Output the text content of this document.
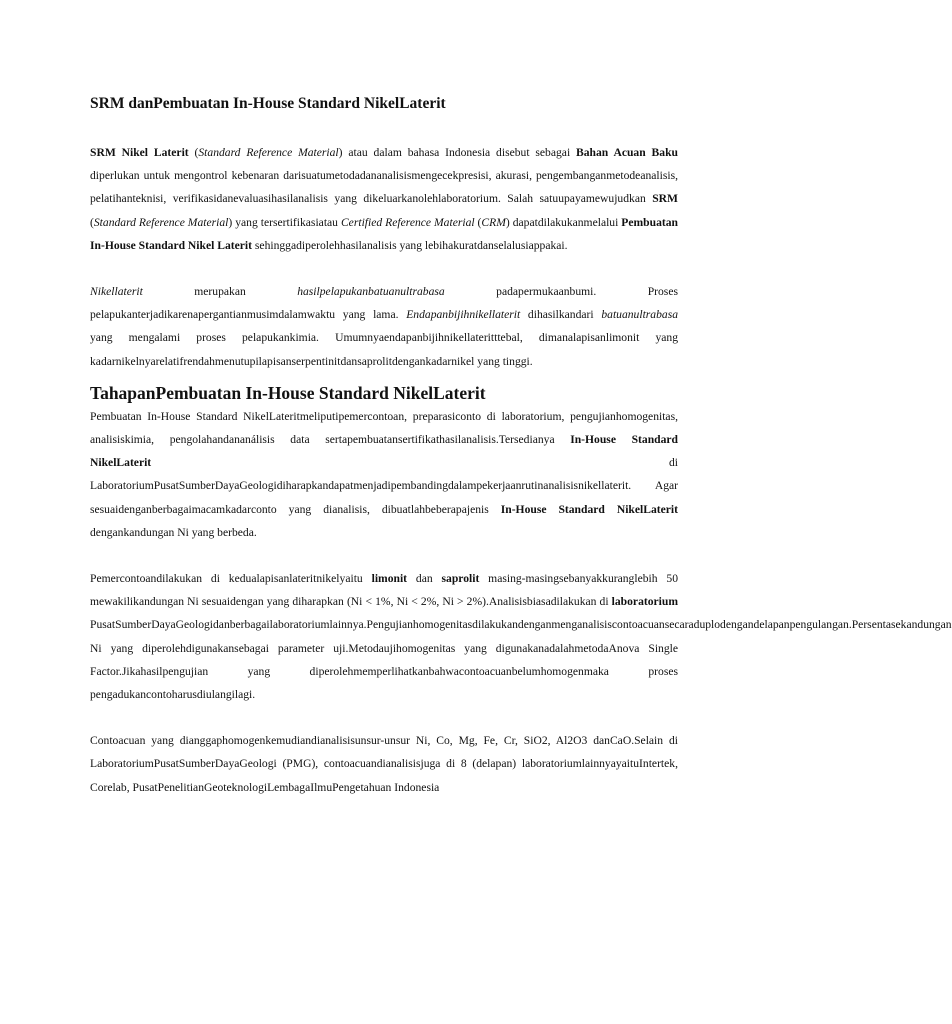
SRM danPembuatan In-House Standard NikelLaterit

SRM Nikel Laterit (Standard Reference Material) atau dalam bahasa Indonesia disebut sebagai Bahan Acuan Baku diperlukan untuk mengontrol kebenaran darisuatumetodadananalisismengecekpresisi, akurasi, pengembanganmetodeanalisis, pelatihanteknisi, verifikasidanevaluasihasilanalisis yang dikeluarkanolehlaboratorium. Salah satuupayamewujudkan SRM (Standard Reference Material) yang tersertifikasiatau Certified Reference Material (CRM) dapatdilakukanmelalui Pembuatan In-House Standard Nikel Laterit sehinggadiperolehhasilanalisis yang lebihakuratdanselalusiappakai.

Nikellaterit merupakan hasilpelapukanbatuanultrabasa padapermukaanbumi. Proses pelapukanterjadikarenapergantianmusimdalamwaktu yang lama. Endapanbijihnikellaterit dihasilkandari batuanultrabasa yang mengalami proses pelapukankimia. Umumnyaendapanbijihnikellateritttebal, dimanalapisanlimonit yang kadarnikelnyarelatifrendahmenutupilapisanserpentinitdansaprolitdengankadarnikel yang tinggi.

TahapanPembuatan In-House Standard NikelLaterit

Pembuatan In-House Standard NikelLateritmeliputipemercontoan, preparasiconto di laboratorium, pengujianhomogenitas, analisiskimia, pengolahandananálisis data sertapembuatansertifikathasilanalisis.Tersedianya In-House Standard NikelLaterit di LaboratoriumPusatSumberDayaGeologidiharapkandapatmenjadipembandingdalampekerjaanrutinanalisisnikellaterit. Agar sesuaidenganberbagaimacamkadarconto yang dianalisis, dibuatlahbeberapajenis In-House Standard NikelLaterit dengankandungan Ni yang berbeda.

Pemercontoandilakukan di kedualapisanlateritnikelyaitu limonit dan saprolit masing-masingsebanyakkuranglebih 50 mewakilikandungan Ni sesuaidengan yang diharapkan (Ni < 1%, Ni < 2%, Ni > 2%).Analisisbiasadilakukan di laboratorium PusatSumberDayaGeologidanberbagailaboratoriumlainnya.Pengujianhomogenitasdilakukandenganmenganalisiscontoacuansecaraduplodengandelapanpengulangan.Persentasekandungan Ni yang diperolehdigunakansebagai parameter uji.Metodaujihomogenitas yang digunakanadalahmetodaAnova Single Factor.Jikahasilpengujian yang diperolehmemperlihatkanbahwacontoacuanbelumhomogenmaka proses pengadukancontoharusdiulangilagi.

Contoacuan yang dianggaphomogenkemudiandianalisisunsur-unsur Ni, Co, Mg, Fe, Cr, SiO2, Al2O3 danCaO.Selain di LaboratoriumPusatSumberDayaGeologi (PMG), contoacuandianalisisjuga di 8 (delapan) laboratoriumlainnyayaituIntertek, Corelab, PusatPenelitianGeoteknologiLembagaIlmuPengetahuan Indonesia
